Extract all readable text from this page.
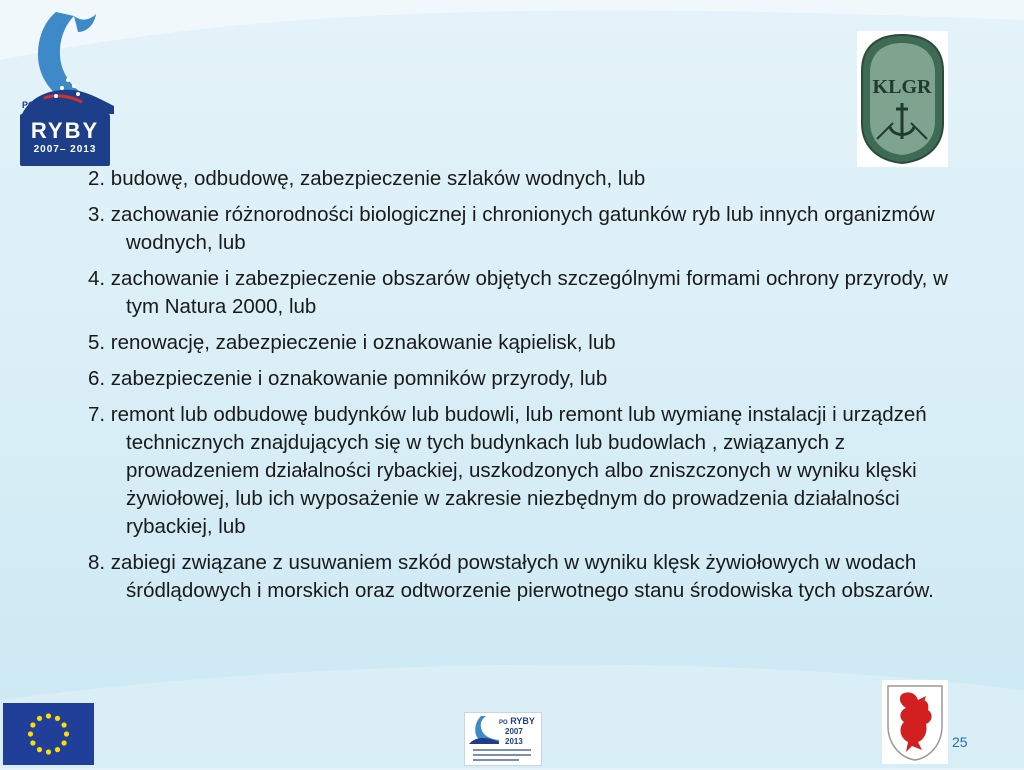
PO
RYBY
2007– 2013
KLGR
2. budowę, odbudowę, zabezpieczenie szlaków wodnych, lub
3. zachowanie różnorodności biologicznej i chronionych gatunków ryb lub innych organizmów wodnych, lub
4. zachowanie i zabezpieczenie obszarów objętych szczególnymi formami ochrony przyrody, w tym Natura 2000, lub
5. renowację, zabezpieczenie i oznakowanie kąpielisk, lub
6. zabezpieczenie i oznakowanie pomników przyrody, lub
7. remont lub odbudowę budynków lub budowli, lub remont lub wymianę instalacji i urządzeń technicznych znajdujących się w tych budynkach lub budowlach , związanych z prowadzeniem działalności rybackiej, uszkodzonych albo zniszczonych w wyniku klęski żywiołowej, lub ich wyposażenie w zakresie niezbędnym do prowadzenia działalności rybackiej, lub
8. zabiegi związane z usuwaniem szkód powstałych w wyniku klęsk żywiołowych w wodach śródlądowych i morskich oraz odtworzenie pierwotnego stanu środowiska tych obszarów.
PO RYBY
2007
2013	25
